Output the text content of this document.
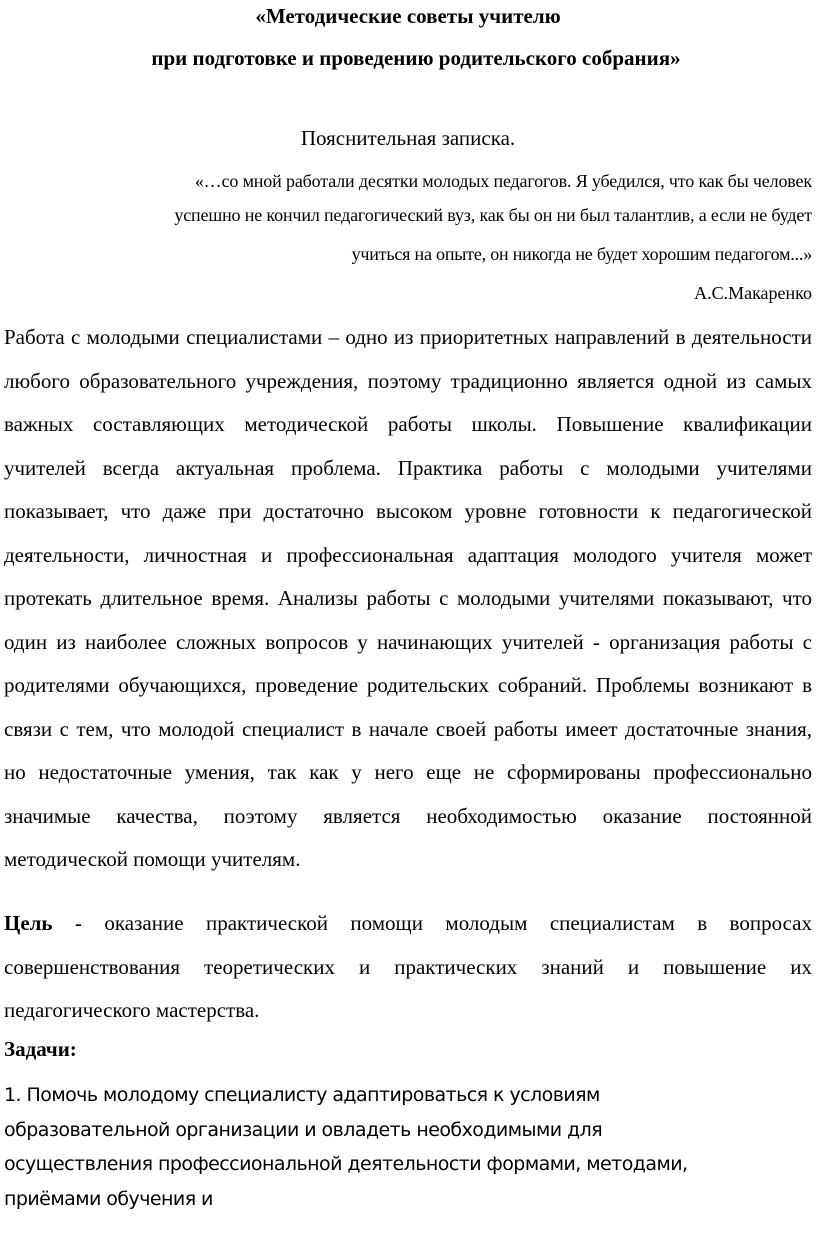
«Методические советы учителю

при подготовке и проведению родительского собрания»

Пояснительная записка.

«…со мной работали десятки молодых педагогов. Я убедился, что как бы человек

успешно не кончил педагогический вуз, как бы он ни был талантлив, а если не будет

учиться на опыте, он никогда не будет хорошим педагогом...»

А.С.Макаренко

Работа с молодыми специалистами – одно из приоритетных направлений в деятельности любого образовательного учреждения, поэтому традиционно является одной из самых важных составляющих методической работы школы. Повышение квалификации учителей всегда актуальная проблема. Практика работы с молодыми учителями показывает, что даже при достаточно высоком уровне готовности к педагогической деятельности, личностная и профессиональная адаптация молодого учителя может протекать длительное время. Анализы работы с молодыми учителями показывают, что один из наиболее сложных вопросов у начинающих учителей - организация работы с родителями обучающихся, проведение родительских собраний. Проблемы возникают в связи с тем, что молодой специалист в начале своей работы имеет достаточные знания, но недостаточные умения, так как у него еще не сформированы профессионально значимые качества, поэтому является необходимостью оказание постоянной методической помощи учителям.

Цель - оказание практической помощи молодым специалистам в вопросах совершенствования теоретических и практических знаний и повышение их педагогического мастерства.

Задачи:

1. Помочь молодому специалисту адаптироваться к условиям образовательной организации и овладеть необходимыми для осуществления профессиональной деятельности формами, методами, приёмами обучения и
